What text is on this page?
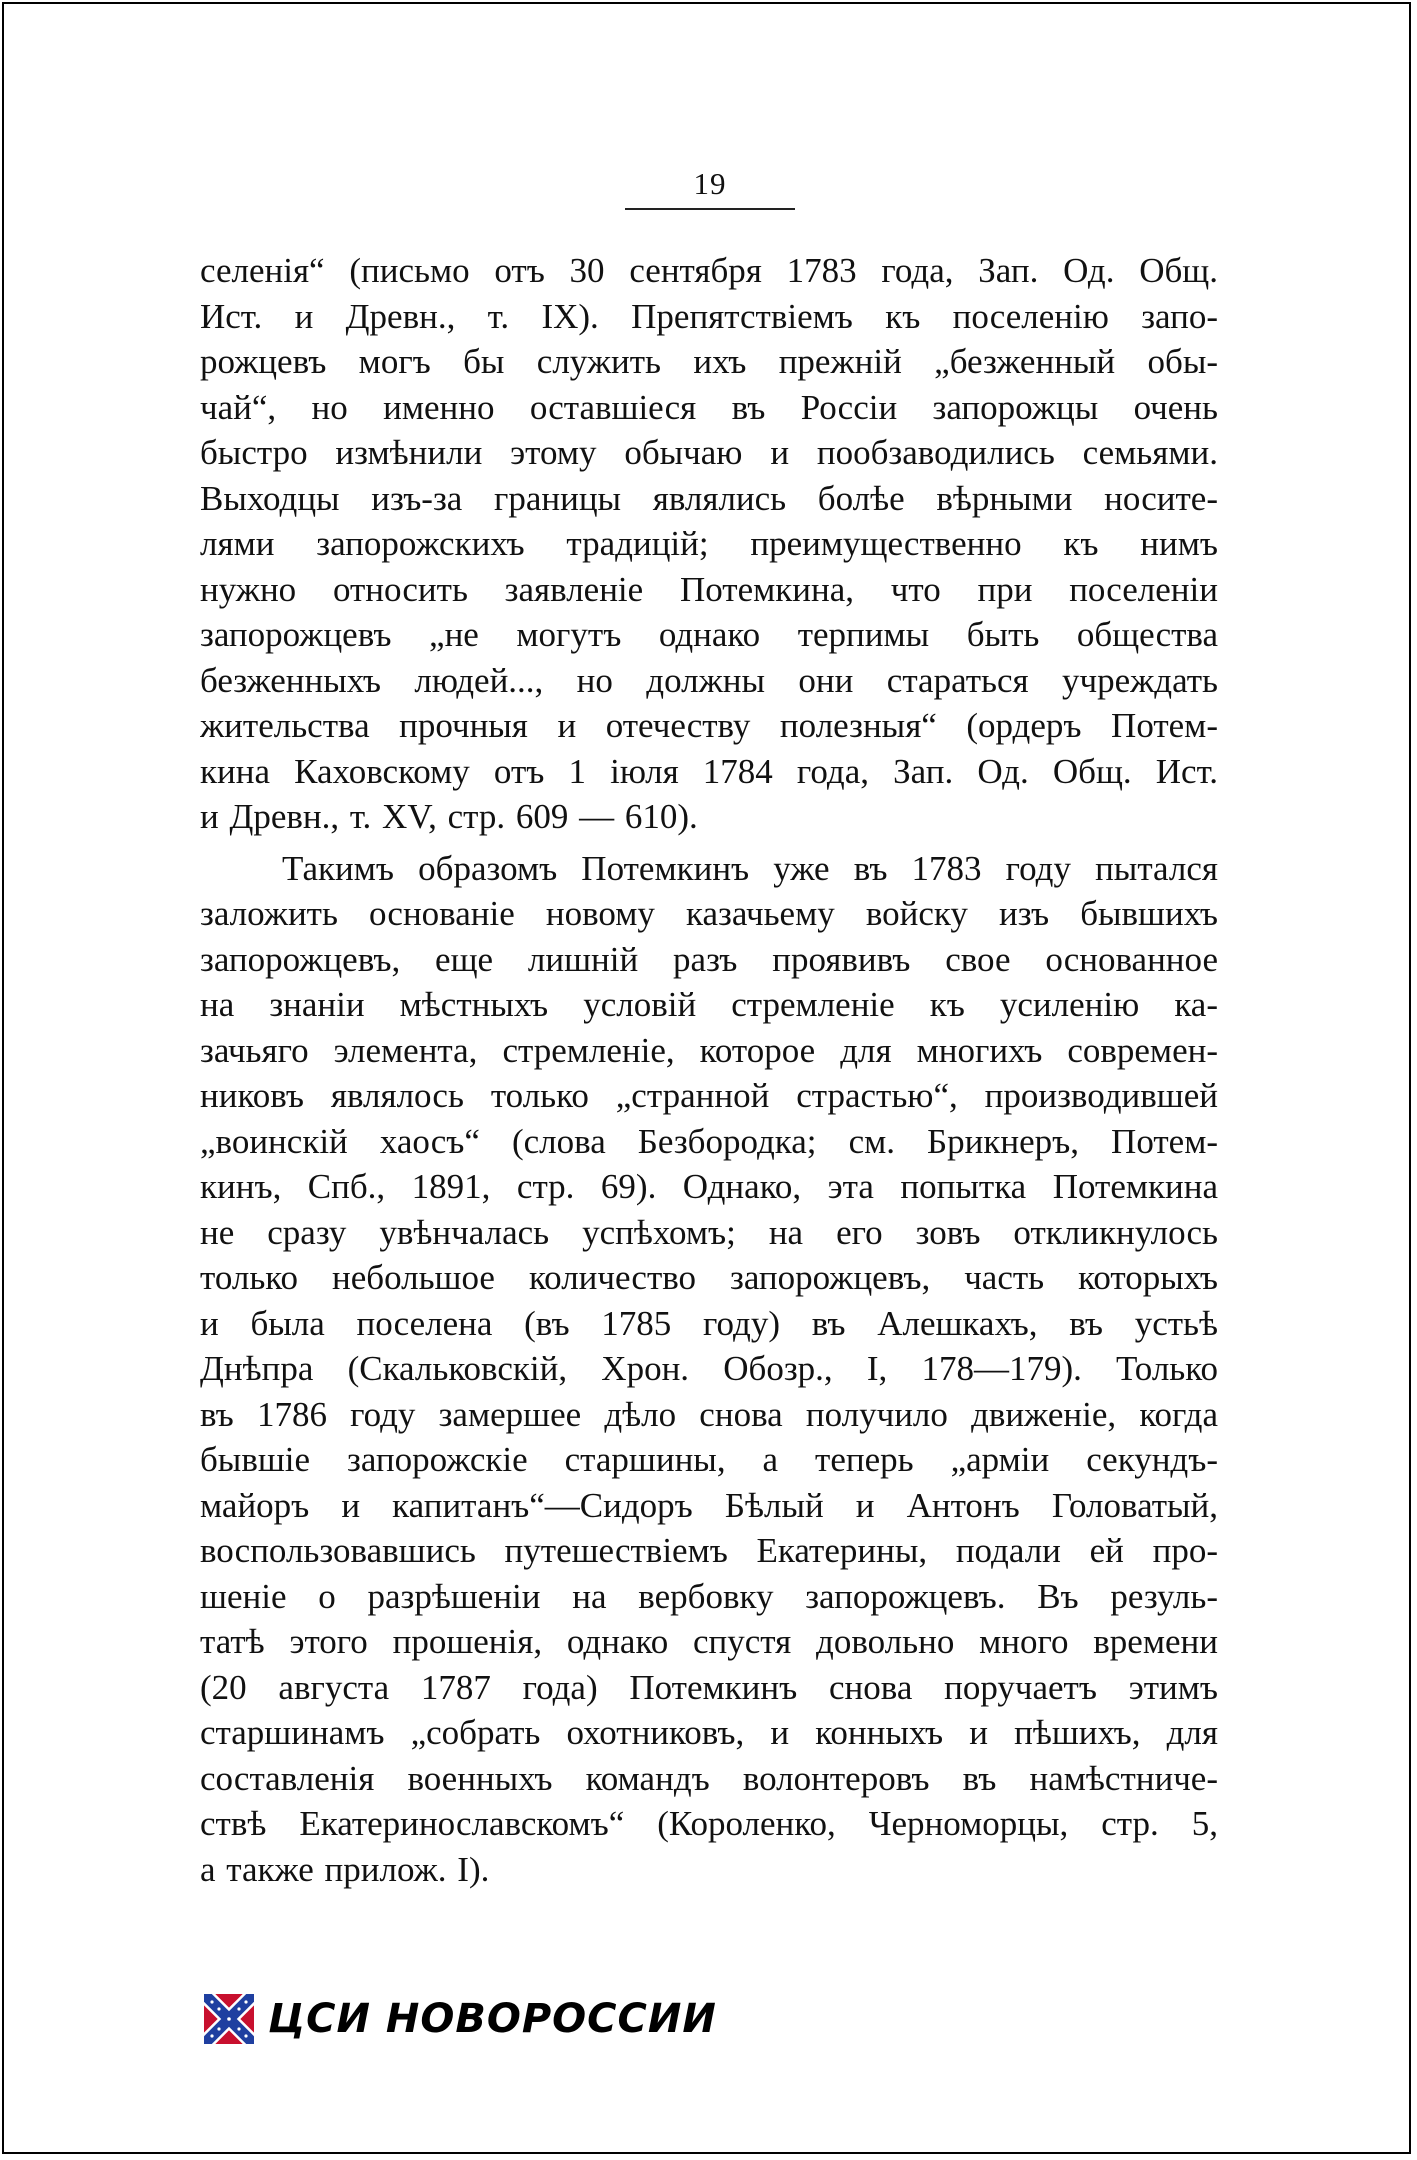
19
селенія“ (письмо отъ 30 сентября 1783 года, Зап. Од. Общ.
Ист. и Древн., т. IX). Препятствіемъ къ поселенію запо-
рожцевъ могъ бы служить ихъ прежній „безженный обы-
чай“, но именно оставшіеся въ Россіи запорожцы очень
быстро измѣнили этому обычаю и пообзаводились семьями.
Выходцы изъ-за границы являлись болѣе вѣрными носите-
лями запорожскихъ традицій; преимущественно къ нимъ
нужно относить заявленіе Потемкина, что при поселеніи
запорожцевъ „не могутъ однако терпимы быть общества
безженныхъ людей..., но должны они стараться учреждать
жительства прочныя и отечеству полезныя“ (ордеръ Потем-
кина Каховскому отъ 1 іюля 1784 года, Зап. Од. Общ. Ист.
и Древн., т. XV, стр. 609 — 610).
Такимъ образомъ Потемкинъ уже въ 1783 году пытался
заложить основаніе новому казачьему войску изъ бывшихъ
запорожцевъ, еще лишній разъ проявивъ свое основанное
на знаніи мѣстныхъ условій стремленіе къ усиленію ка-
зачьяго элемента, стремленіе, которое для многихъ современ-
никовъ являлось только „странной страстью“, производившей
„воинскій хаосъ“ (слова Безбородка; см. Брикнеръ, Потем-
кинъ, Спб., 1891, стр. 69). Однако, эта попытка Потемкина
не сразу увѣнчалась успѣхомъ; на его зовъ откликнулось
только небольшое количество запорожцевъ, часть которыхъ
и была поселена (въ 1785 году) въ Алешкахъ, въ устьѣ
Днѣпра (Скальковскій, Хрон. Обозр., I, 178—179). Только
въ 1786 году замершее дѣло снова получило движеніе, когда
бывшіе запорожскіе старшины, а теперь „арміи секундъ-
майоръ и капитанъ“—Сидоръ Бѣлый и Антонъ Головатый,
воспользовавшись путешествіемъ Екатерины, подали ей про-
шеніе о разрѣшеніи на вербовку запорожцевъ. Въ резуль-
татѣ этого прошенія, однако спустя довольно много времени
(20 августа 1787 года) Потемкинъ снова поручаетъ этимъ
старшинамъ „собрать охотниковъ, и конныхъ и пѣшихъ, для
составленія военныхъ командъ волонтеровъ въ намѣстниче-
ствѣ Екатеринославскомъ“ (Короленко, Черноморцы, стр. 5,
а также прилож. I).
ЦСИ НОВОРОССИИ
